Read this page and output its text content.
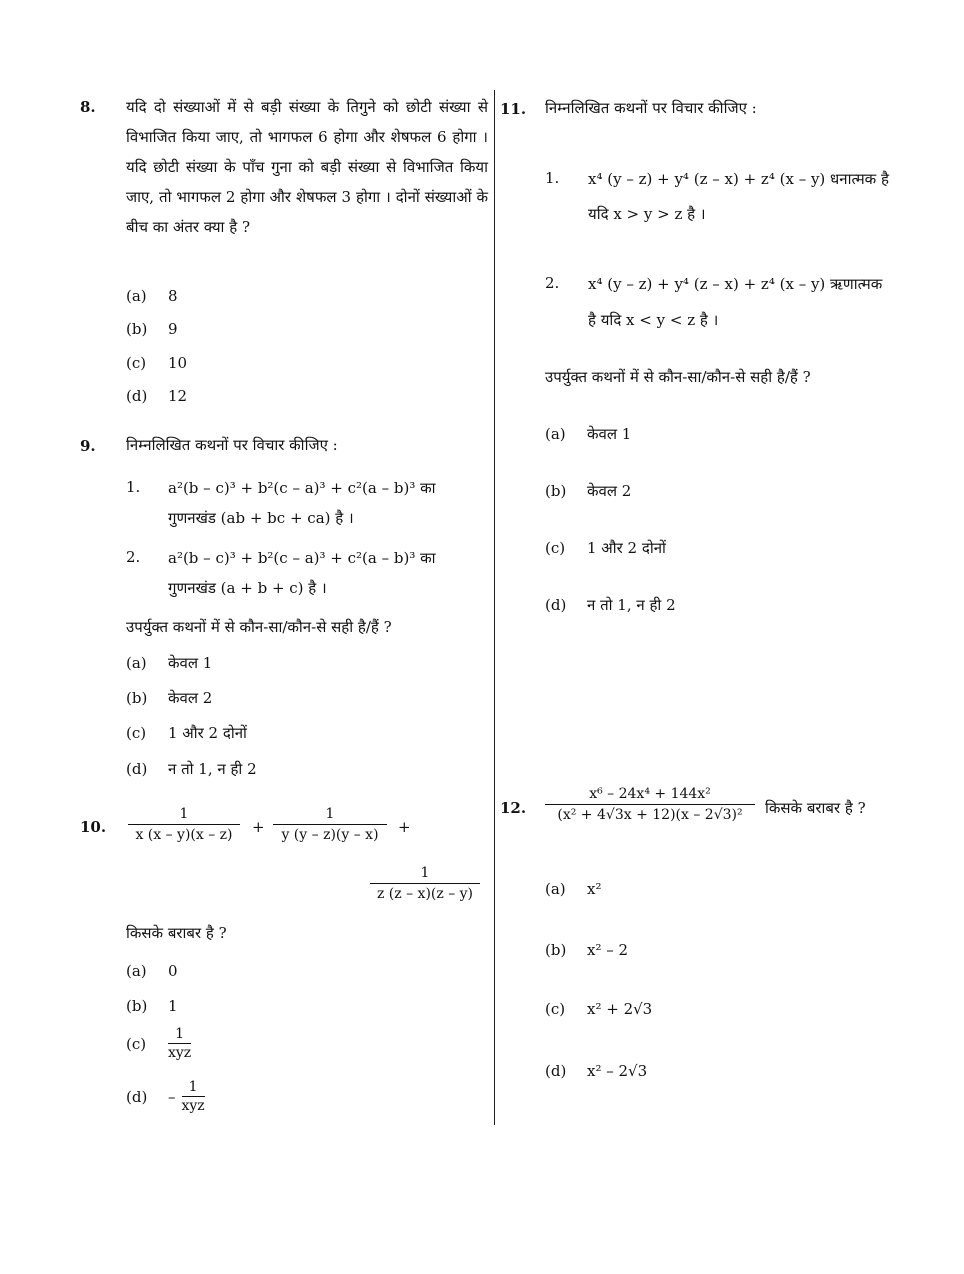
8. यदि दो संख्याओं में से बड़ी संख्या के तिगुने को छोटी संख्या से विभाजित किया जाए, तो भागफल 6 होगा और शेषफल 6 होगा । यदि छोटी संख्या के पाँच गुना को बड़ी संख्या से विभाजित किया जाए, तो भागफल 2 होगा और शेषफल 3 होगा । दोनों संख्याओं के बीच का अंतर क्या है ?
(a) 8
(b) 9
(c) 10
(d) 12
9. निम्नलिखित कथनों पर विचार कीजिए :
1. a²(b – c)³ + b²(c – a)³ + c²(a – b)³ का
गुणनखंड (ab + bc + ca) है ।
2. a²(b – c)³ + b²(c – a)³ + c²(a – b)³ का
गुणनखंड (a + b + c) है ।
उपर्युक्त कथनों में से कौन-सा/कौन-से सही है/हैं ?
(a) केवल 1
(b) केवल 2
(c) 1 और 2 दोनों
(d) न तो 1, न ही 2
10. $\frac{1}{x (x - y)(x - z)} + \frac{1}{y (y - z)(y - x)}$ +
$\frac{1}{z (z - x)(z - y)}$
किसके बराबर है ?
(a) 0
(b) 1
$(c) \frac{1}{\text{xyz}}$
$(d) - \frac{1}{\text{xyz}}$
11. निम्नलिखित कथनों पर विचार कीजिए :
1. x⁴ (y – z) + y⁴ (z – x) + z⁴ (x – y) धनात्मक है
यदि x > y > z है ।
2. x⁴ (y – z) + y⁴ (z – x) + z⁴ (x – y) ऋणात्मक
है यदि x < y < z है ।
उपर्युक्त कथनों में से कौन-सा/कौन-से सही है/हैं ?
(a) केवल 1
(b) केवल 2
(c) 1 और 2 दोनों
(d) न तो 1, न ही 2
12. $\frac{\text{x⁶ – 24x⁴ + 144x²}}{\text{(x² + 4√3x + 12)(x – 2√3)²}}$ किसके बराबर है ?
(a) x²
(b) x² – 2
(c) x² + 2√3
(d) x² – 2√3
